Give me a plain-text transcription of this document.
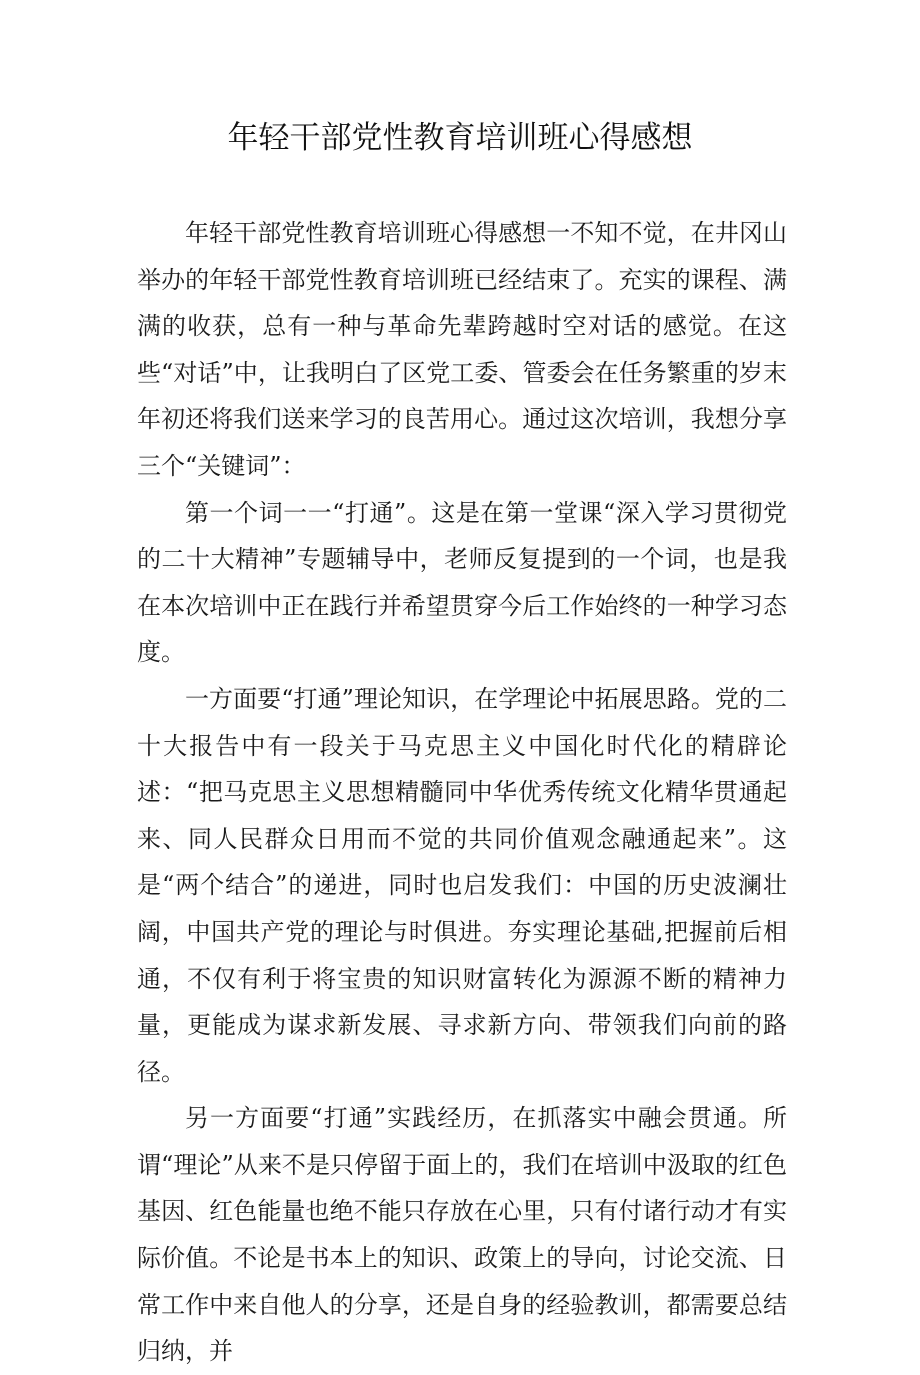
年轻干部党性教育培训班心得感想

年轻干部党性教育培训班心得感想一不知不觉，在井冈山举办的年轻干部党性教育培训班已经结束了。充实的课程、满满的收获，总有一种与革命先辈跨越时空对话的感觉。在这些“对话”中，让我明白了区党工委、管委会在任务繁重的岁末年初还将我们送来学习的良苦用心。通过这次培训，我想分享三个“关键词”：

第一个词一一“打通”。这是在第一堂课“深入学习贯彻党的二十大精神”专题辅导中，老师反复提到的一个词，也是我在本次培训中正在践行并希望贯穿今后工作始终的一种学习态度。

一方面要“打通”理论知识，在学理论中拓展思路。党的二十大报告中有一段关于马克思主义中国化时代化的精辟论述：“把马克思主义思想精髓同中华优秀传统文化精华贯通起来、同人民群众日用而不觉的共同价值观念融通起来”。这是“两个结合”的递进，同时也启发我们：中国的历史波澜壮阔，中国共产党的理论与时俱进。夯实理论基础,把握前后相通，不仅有利于将宝贵的知识财富转化为源源不断的精神力量，更能成为谋求新发展、寻求新方向、带领我们向前的路径。

另一方面要“打通”实践经历，在抓落实中融会贯通。所谓“理论”从来不是只停留于面上的，我们在培训中汲取的红色基因、红色能量也绝不能只存放在心里，只有付诸行动才有实际价值。不论是书本上的知识、政策上的导向，讨论交流、日常工作中来自他人的分享，还是自身的经验教训，都需要总结归纳，并
